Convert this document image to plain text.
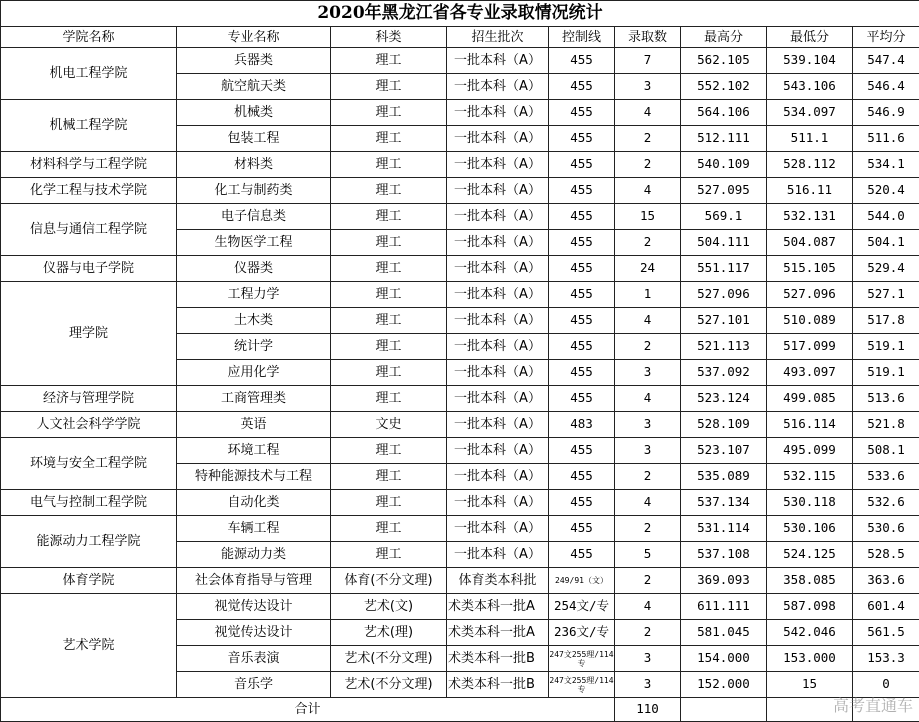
2020年黑龙江省各专业录取情况统计								
学院名称	专业名称	科类	招生批次	控制线	录取数	最高分	最低分	平均分
机电工程学院	兵器类	理工	一批本科（A）	455	7	562.105	539.104	547.4
	航空航天类	理工	一批本科（A）	455	3	552.102	543.106	546.4
机械工程学院	机械类	理工	一批本科（A）	455	4	564.106	534.097	546.9
	包装工程	理工	一批本科（A）	455	2	512.111	511.1	511.6
材料科学与工程学院	材料类	理工	一批本科（A）	455	2	540.109	528.112	534.1
化学工程与技术学院	化工与制药类	理工	一批本科（A）	455	4	527.095	516.11	520.4
信息与通信工程学院	电子信息类	理工	一批本科（A）	455	15	569.1	532.131	544.0
	生物医学工程	理工	一批本科（A）	455	2	504.111	504.087	504.1
仪器与电子学院	仪器类	理工	一批本科（A）	455	24	551.117	515.105	529.4
理学院	工程力学	理工	一批本科（A）	455	1	527.096	527.096	527.1
	土木类	理工	一批本科（A）	455	4	527.101	510.089	517.8
	统计学	理工	一批本科（A）	455	2	521.113	517.099	519.1
	应用化学	理工	一批本科（A）	455	3	537.092	493.097	519.1
经济与管理学院	工商管理类	理工	一批本科（A）	455	4	523.124	499.085	513.6
人文社会科学学院	英语	文史	一批本科（A）	483	3	528.109	516.114	521.8
环境与安全工程学院	环境工程	理工	一批本科（A）	455	3	523.107	495.099	508.1
	特种能源技术与工程	理工	一批本科（A）	455	2	535.089	532.115	533.6
电气与控制工程学院	自动化类	理工	一批本科（A）	455	4	537.134	530.118	532.6
能源动力工程学院	车辆工程	理工	一批本科（A）	455	2	531.114	530.106	530.6
	能源动力类	理工	一批本科（A）	455	5	537.108	524.125	528.5
体育学院	社会体育指导与管理	体育(不分文理)	体育类本科批	249/91（文）	2	369.093	358.085	363.6
艺术学院	视觉传达设计	艺术(文)	术类本科一批A	254文/专	4	611.111	587.098	601.4
	视觉传达设计	艺术(理)	术类本科一批A	236文/专	2	581.045	542.046	561.5
	音乐表演	艺术(不分文理)	术类本科一批B	247文255理/114专	3	154.000	153.000	153.3
	音乐学	艺术(不分文理)	术类本科一批B	247文255理/114专	3	152.000	15	0
合计					110				高考直通车
